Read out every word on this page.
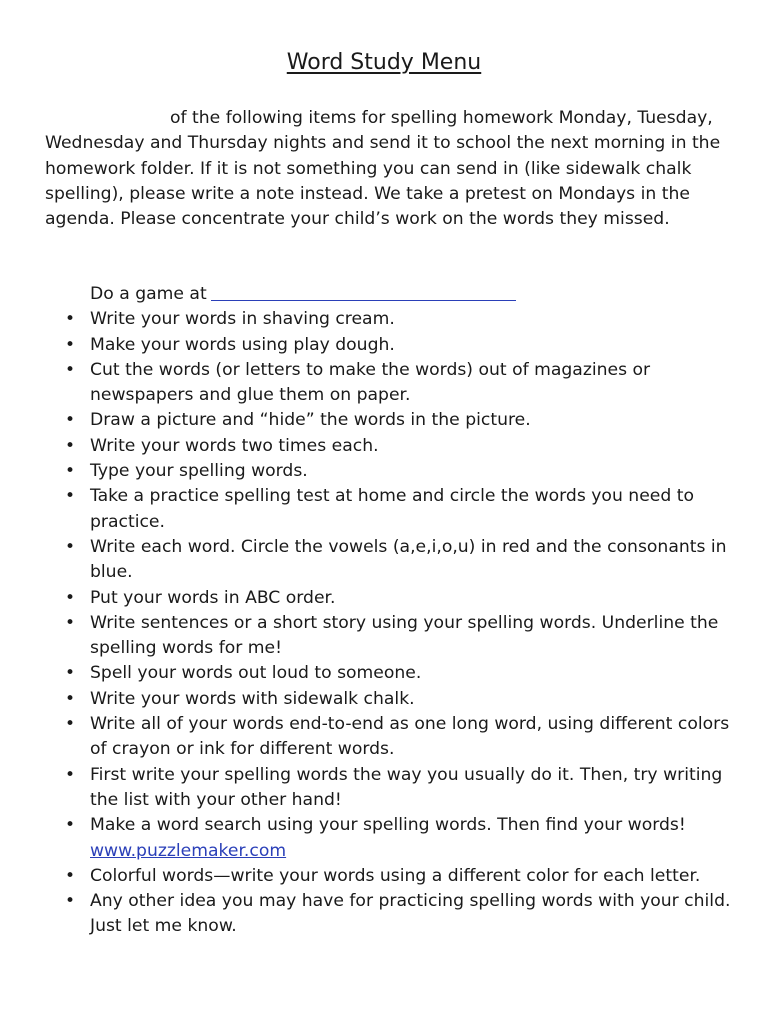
Word Study Menu

of the following items for spelling homework Monday, Tuesday, Wednesday and Thursday nights and send it to school the next morning in the homework folder. If it is not something you can send in (like sidewalk chalk spelling), please write a note instead. We take a pretest on Mondays in the agenda. Please concentrate your child’s work on the words they missed.

Do a game at
• Write your words in shaving cream.
• Make your words using play dough.
• Cut the words (or letters to make the words) out of magazines or newspapers and glue them on paper.
• Draw a picture and “hide” the words in the picture.
• Write your words two times each.
• Type your spelling words.
• Take a practice spelling test at home and circle the words you need to practice.
• Write each word. Circle the vowels (a,e,i,o,u) in red and the consonants in blue.
• Put your words in ABC order.
• Write sentences or a short story using your spelling words. Underline the spelling words for me!
• Spell your words out loud to someone.
• Write your words with sidewalk chalk.
• Write all of your words end-to-end as one long word, using different colors of crayon or ink for different words.
• First write your spelling words the way you usually do it. Then, try writing the list with your other hand!
• Make a word search using your spelling words. Then find your words! www.puzzlemaker.com
• Colorful words—write your words using a different color for each letter.
• Any other idea you may have for practicing spelling words with your child. Just let me know.
